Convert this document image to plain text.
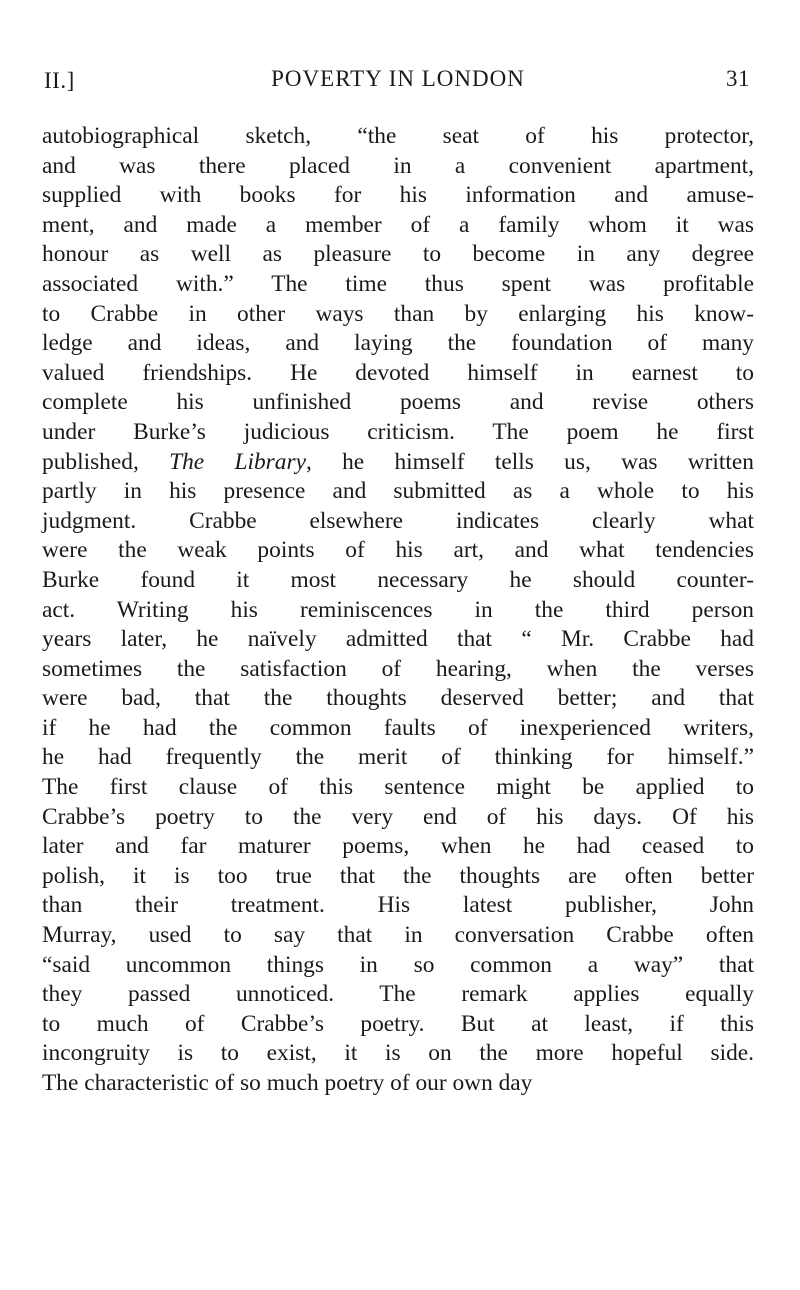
II.]	POVERTY IN LONDON	31
autobiographical sketch, “the seat of his protector,
and was there placed in a convenient apartment,
supplied with books for his information and amuse-
ment, and made a member of a family whom it was
honour as well as pleasure to become in any degree
associated with.” The time thus spent was profitable
to Crabbe in other ways than by enlarging his know-
ledge and ideas, and laying the foundation of many
valued friendships. He devoted himself in earnest to
complete his unfinished poems and revise others
under Burke’s judicious criticism. The poem he first
published, The Library, he himself tells us, was written
partly in his presence and submitted as a whole to his
judgment. Crabbe elsewhere indicates clearly what
were the weak points of his art, and what tendencies
Burke found it most necessary he should counter-
act. Writing his reminiscences in the third person
years later, he naïvely admitted that “ Mr. Crabbe had
sometimes the satisfaction of hearing, when the verses
were bad, that the thoughts deserved better; and that
if he had the common faults of inexperienced writers,
he had frequently the merit of thinking for himself.”
The first clause of this sentence might be applied to
Crabbe’s poetry to the very end of his days. Of his
later and far maturer poems, when he had ceased to
polish, it is too true that the thoughts are often better
than their treatment. His latest publisher, John
Murray, used to say that in conversation Crabbe often
“said uncommon things in so common a way” that
they passed unnoticed. The remark applies equally
to much of Crabbe’s poetry. But at least, if this
incongruity is to exist, it is on the more hopeful side.
The characteristic of so much poetry of our own day
